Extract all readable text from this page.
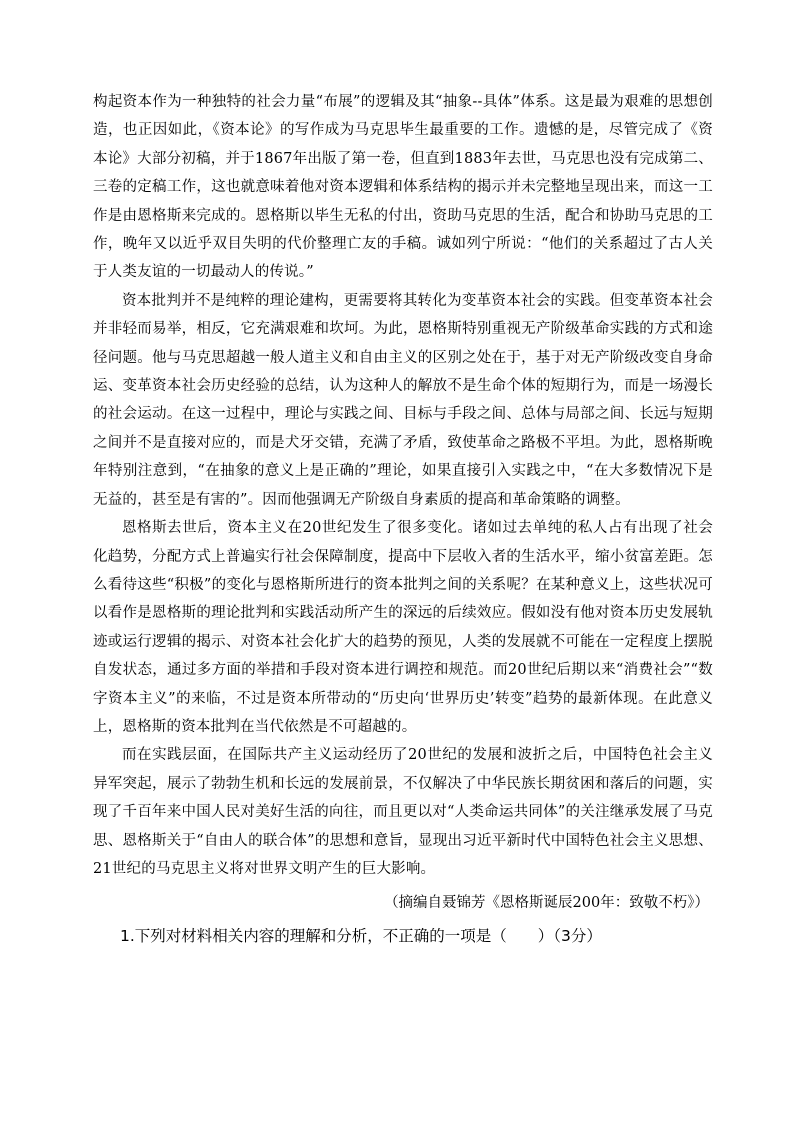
构起资本作为一种独特的社会力量“布展”的逻辑及其“抽象--具体”体系。这是最为艰难的思想创造，也正因如此，《资本论》的写作成为马克思毕生最重要的工作。遗憾的是，尽管完成了《资本论》大部分初稿，并于1867年出版了第一卷，但直到1883年去世，马克思也没有完成第二、三卷的定稿工作，这也就意味着他对资本逻辑和体系结构的揭示并未完整地呈现出来，而这一工作是由恩格斯来完成的。恩格斯以毕生无私的付出，资助马克思的生活，配合和协助马克思的工作，晚年又以近乎双目失明的代价整理亡友的手稿。诚如列宁所说：“他们的关系超过了古人关于人类友谊的一切最动人的传说。”

资本批判并不是纯粹的理论建构，更需要将其转化为变革资本社会的实践。但变革资本社会并非轻而易举，相反，它充满艰难和坎坷。为此，恩格斯特别重视无产阶级革命实践的方式和途径问题。他与马克思超越一般人道主义和自由主义的区别之处在于，基于对无产阶级改变自身命运、变革资本社会历史经验的总结，认为这种人的解放不是生命个体的短期行为，而是一场漫长的社会运动。在这一过程中，理论与实践之间、目标与手段之间、总体与局部之间、长远与短期之间并不是直接对应的，而是犬牙交错，充满了矛盾，致使革命之路极不平坦。为此，恩格斯晚年特别注意到，“在抽象的意义上是正确的”理论，如果直接引入实践之中，“在大多数情况下是无益的，甚至是有害的”。因而他强调无产阶级自身素质的提高和革命策略的调整。

恩格斯去世后，资本主义在20世纪发生了很多变化。诸如过去单纯的私人占有出现了社会化趋势，分配方式上普遍实行社会保障制度，提高中下层收入者的生活水平，缩小贫富差距。怎么看待这些“积极”的变化与恩格斯所进行的资本批判之间的关系呢？在某种意义上，这些状况可以看作是恩格斯的理论批判和实践活动所产生的深远的后续效应。假如没有他对资本历史发展轨迹或运行逻辑的揭示、对资本社会化扩大的趋势的预见，人类的发展就不可能在一定程度上摆脱自发状态，通过多方面的举措和手段对资本进行调控和规范。而20世纪后期以来“消费社会”“数字资本主义”的来临，不过是资本所带动的“历史向‘世界历史’转变”趋势的最新体现。在此意义上，恩格斯的资本批判在当代依然是不可超越的。

而在实践层面，在国际共产主义运动经历了20世纪的发展和波折之后，中国特色社会主义异军突起，展示了勃勃生机和长远的发展前景，不仅解决了中华民族长期贫困和落后的问题，实现了千百年来中国人民对美好生活的向往，而且更以对“人类命运共同体”的关注继承发展了马克思、恩格斯关于“自由人的联合体”的思想和意旨，显现出习近平新时代中国特色社会主义思想、21世纪的马克思主义将对世界文明产生的巨大影响。

（摘编自聂锦芳《恩格斯诞辰200年：致敬不朽》）

1.下列对材料相关内容的理解和分析，不正确的一项是（　　）（3分）
